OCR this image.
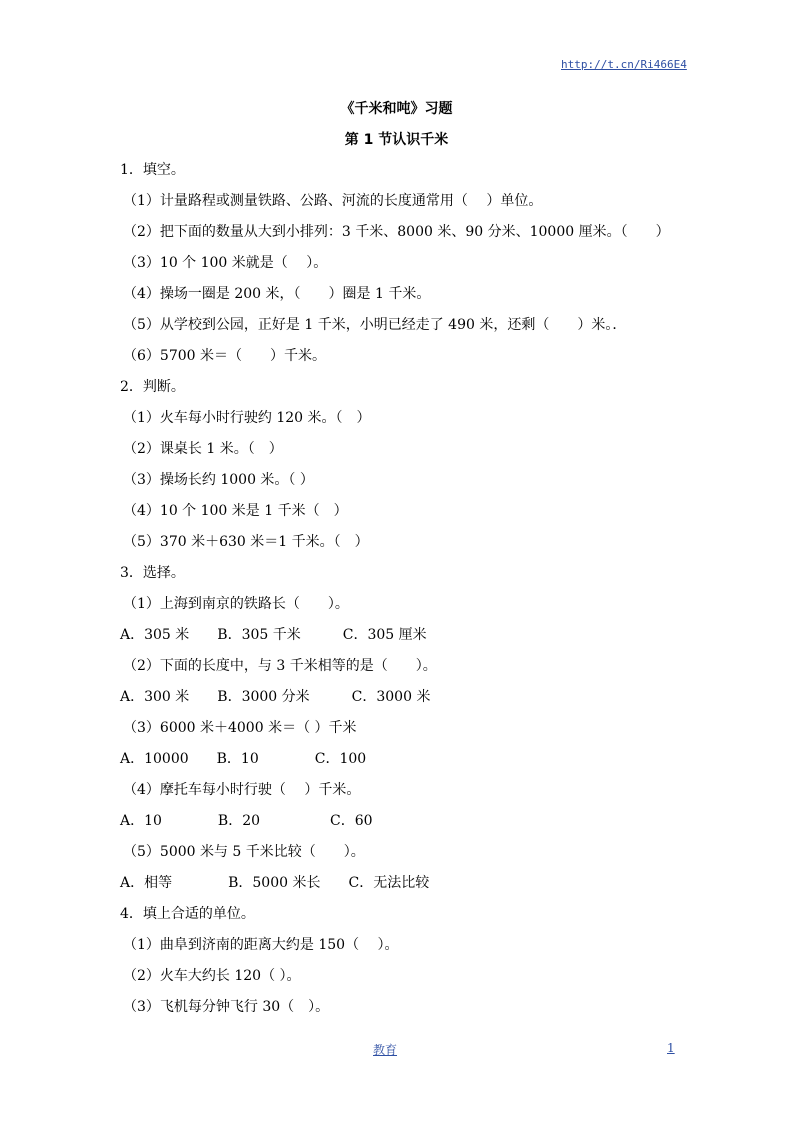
http://t.cn/Ri466E4
《千米和吨》习题
第 1 节认识千米
1．填空。
（1）计量路程或测量铁路、公路、河流的长度通常用（　 ）单位。
（2）把下面的数量从大到小排列：3 千米、8000 米、90 分米、10000 厘米。（　　）
（3）10 个 100 米就是（　 ）。
（4）操场一圈是 200 米，（　　）圈是 1 千米。
（5）从学校到公园，正好是 1 千米，小明已经走了 490 米，还剩（　　）米。．
（6）5700 米＝（　　）千米。
2．判断。
（1）火车每小时行驶约 120 米。（　）
（2）课桌长 1 米。（　）
（3）操场长约 1000 米。（ ）
（4）10 个 100 米是 1 千米（　）
（5）370 米＋630 米＝1 千米。（　）
3．选择。
（1）上海到南京的铁路长（　　）。
A．305 米　　B．305 千米　　　C．305 厘米
（2）下面的长度中，与 3 千米相等的是（　　）。
A．300 米　　B．3000 分米　　　C．3000 米
（3）6000 米＋4000 米＝（ ）千米
A．10000　　B．10　　　　C．100
（4）摩托车每小时行驶（　 ）千米。
A．10　　　　B．20　　　　　C．60
（5）5000 米与 5 千米比较（　　）。
A．相等　　　　B．5000 米长　　C．无法比较
4．填上合适的单位。
（1）曲阜到济南的距离大约是 150（　 ）。
（2）火车大约长 120（ ）。
（3）飞机每分钟飞行 30（　）。
教育	1
